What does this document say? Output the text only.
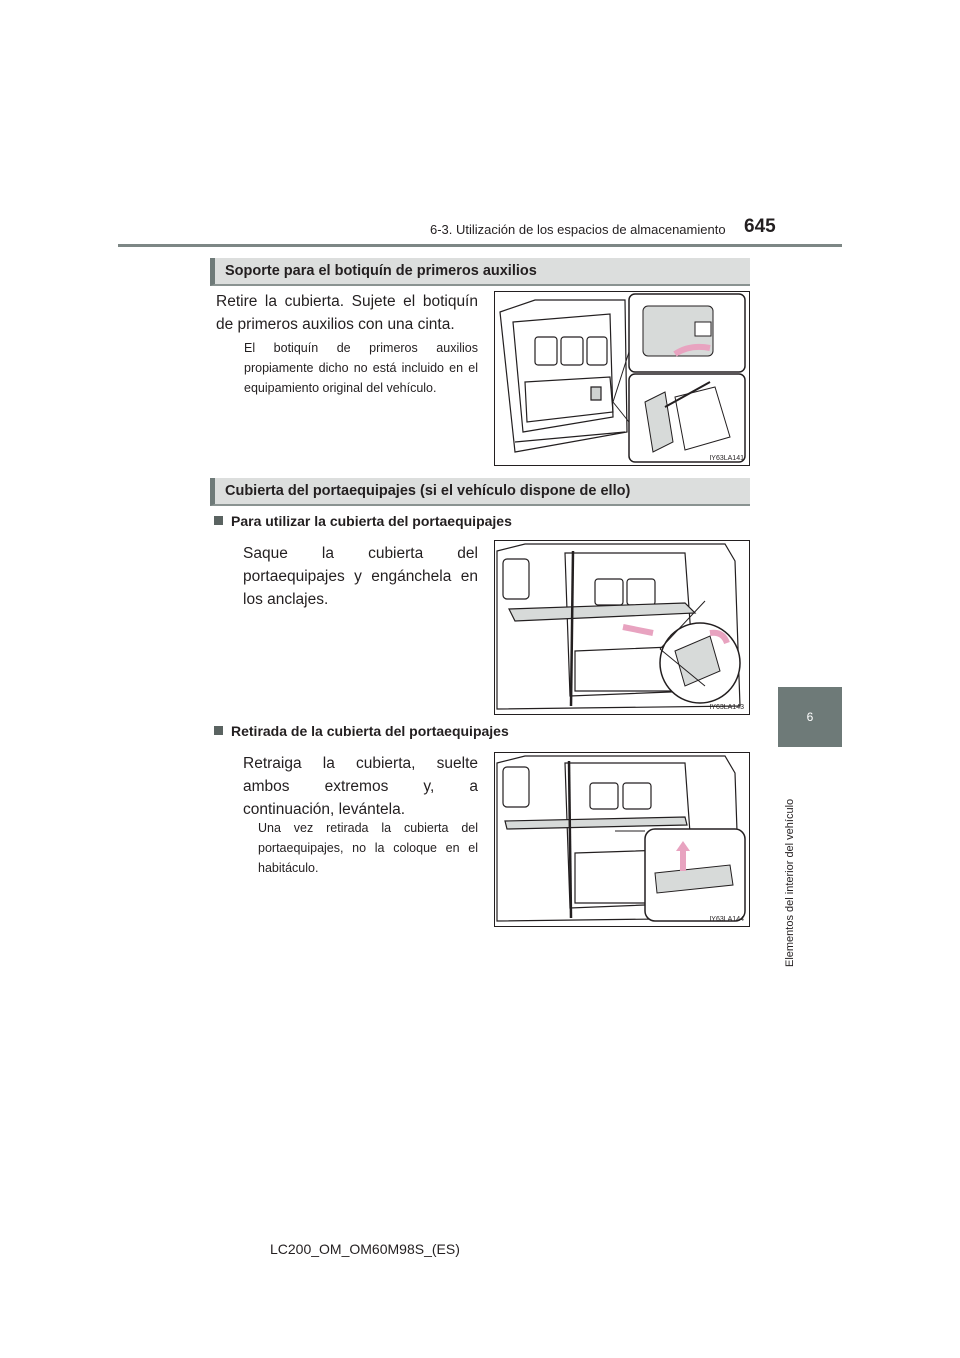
6-3. Utilización de los espacios de almacenamiento 645
6
Elementos del interior del vehículo
Soporte para el botiquín de primeros auxilios
Retire la cubierta. Sujete el botiquín de primeros auxilios con una cinta.
El botiquín de primeros auxilios propiamente dicho no está incluido en el equipamiento original del vehículo.
IY63LA141
Cubierta del portaequipajes (si el vehículo dispone de ello)
Para utilizar la cubierta del portaequipajes
Saque la cubierta del portaequipajes y engánchela en los anclajes.
IY63LA143
Retirada de la cubierta del portaequipajes
Retraiga la cubierta, suelte ambos extremos y, a continuación, levántela.
Una vez retirada la cubierta del portaequipajes, no la coloque en el habitáculo.
IY63LA144
LC200_OM_OM60M98S_(ES)
